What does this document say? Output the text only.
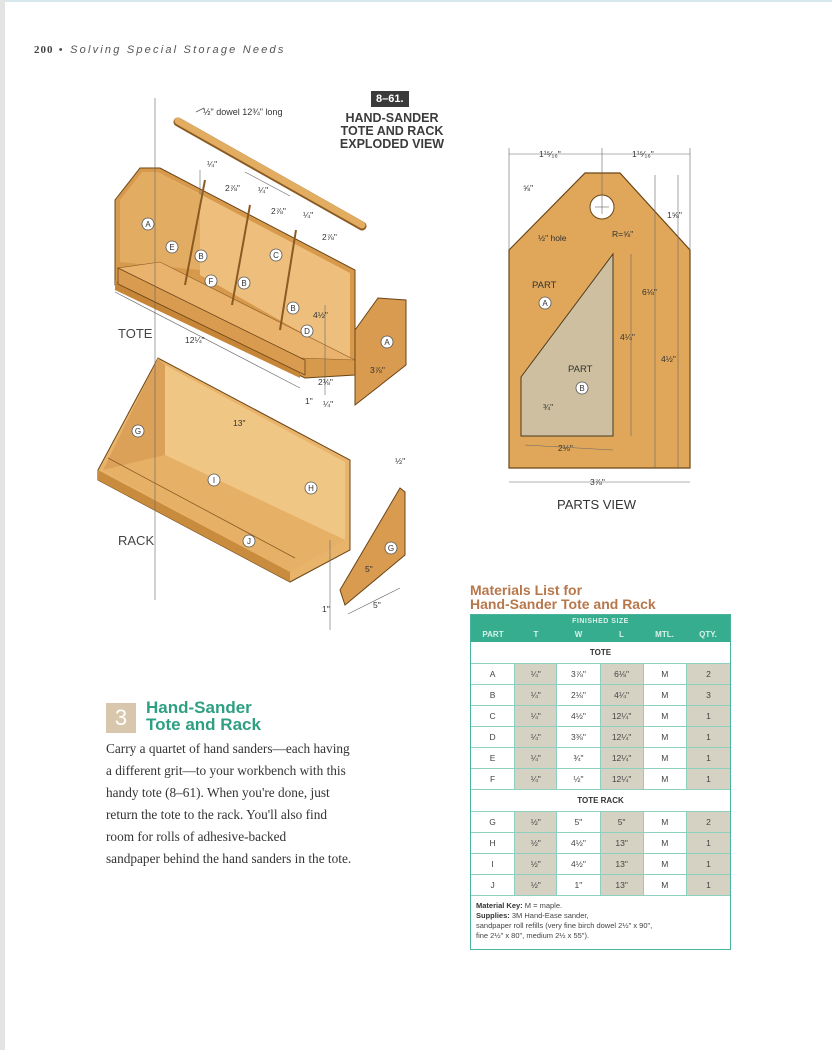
200 • Solving Special Storage Needs
½" dowel 12¾" long
¼"
2⅞" ¼"
2⅞" ¼"
2⅞"
4½"
12¼"
2⅛"
1" ¼"
3⅞"
13"
½"
5"
1"	5"
A
E
B	C
F	B
B
D
A
G
I
H
J
G
TOTE
RACK
8–61.
HAND-SANDER
TOTE AND RACK
EXPLODED VIEW
1¹⁵⁄₁₆"	1¹⁵⁄₁₆"
⅝"
½" hole	R=⅝"
1⅝"
6⅛"
4¼"
4½"
¾"
2⅛"
3⅞"
PART
A
PART
B
PARTS VIEW
3	Hand-Sander
Tote and Rack

Carry a quartet of hand sanders—each having

a different grit—to your workbench with this

handy tote (8–61). When you're done, just

return the tote to the rack. You'll also find

room for rolls of adhesive-backed

sandpaper behind the hand sanders in the tote.

Materials List for
Hand-Sander Tote and Rack
FINISHED SIZE
PART	T	W	L	MTL.	QTY.
TOTE
A	¼"	3⅞"	6⅛"	M	2
B	¼"	2⅛"	4¼"	M	3
C	¼"	4½"	12¼"	M	1
D	¼"	3⅜"	12¼"	M	1
E	¼"	¾"	12¼"	M	1
F	¼"	½"	12¼"	M	1
TOTE RACK
G	½"	5"	5"	M	2
H	½"	4½"	13"	M	1
I	½"	4½"	13"	M	1
J	½"	1"	13"	M	1
Material Key: M = maple.
Supplies: 3M Hand-Ease sander,
sandpaper roll refills (very fine birch dowel 2½" x 90",
fine 2½" x 80", medium 2½ x 55").
